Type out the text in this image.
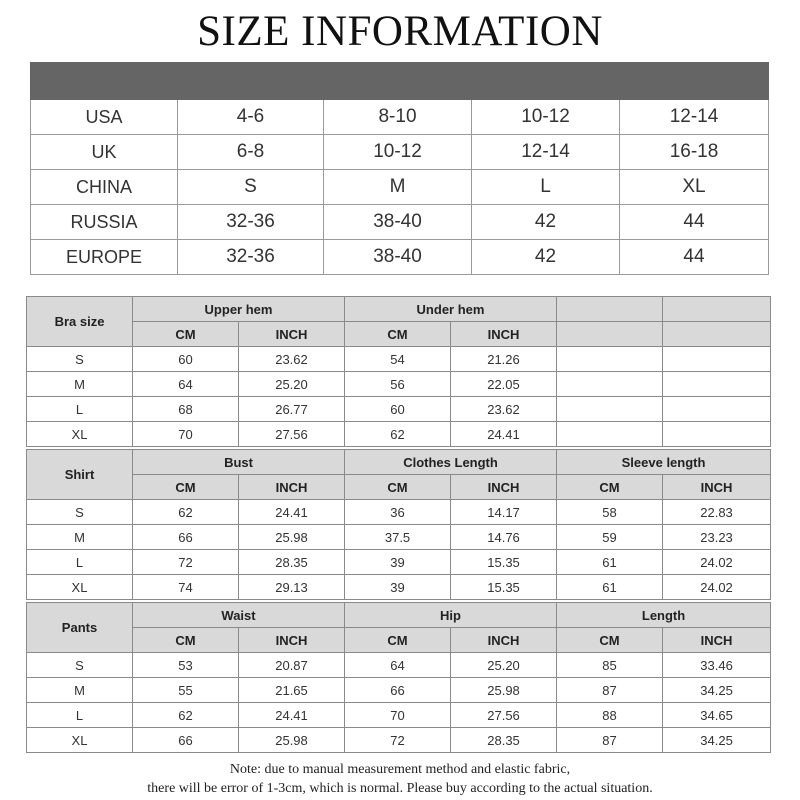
SIZE INFORMATION

USA	4-6	8-10	10-12	12-14
UK	6-8	10-12	12-14	16-18
CHINA	S	M	L	XL
RUSSIA	32-36	38-40	42	44
EUROPE	32-36	38-40	42	44
Bra size	Upper hem		Under hem			
	CM	INCH	CM	INCH		
S	60	23.62	54	21.26		
M	64	25.20	56	22.05		
L	68	26.77	60	23.62		
XL	70	27.56	62	24.41		
Shirt	Bust		Clothes Length		Sleeve length	
	CM	INCH	CM	INCH	CM	INCH
S	62	24.41	36	14.17	58	22.83
M	66	25.98	37.5	14.76	59	23.23
L	72	28.35	39	15.35	61	24.02
XL	74	29.13	39	15.35	61	24.02
Pants	Waist		Hip		Length	
	CM	INCH	CM	INCH	CM	INCH
S	53	20.87	64	25.20	85	33.46
M	55	21.65	66	25.98	87	34.25
L	62	24.41	70	27.56	88	34.65
XL	66	25.98	72	28.35	87	34.25
Note: due to manual measurement method and elastic fabric,
there will be error of 1-3cm, which is normal. Please buy according to the actual situation.
